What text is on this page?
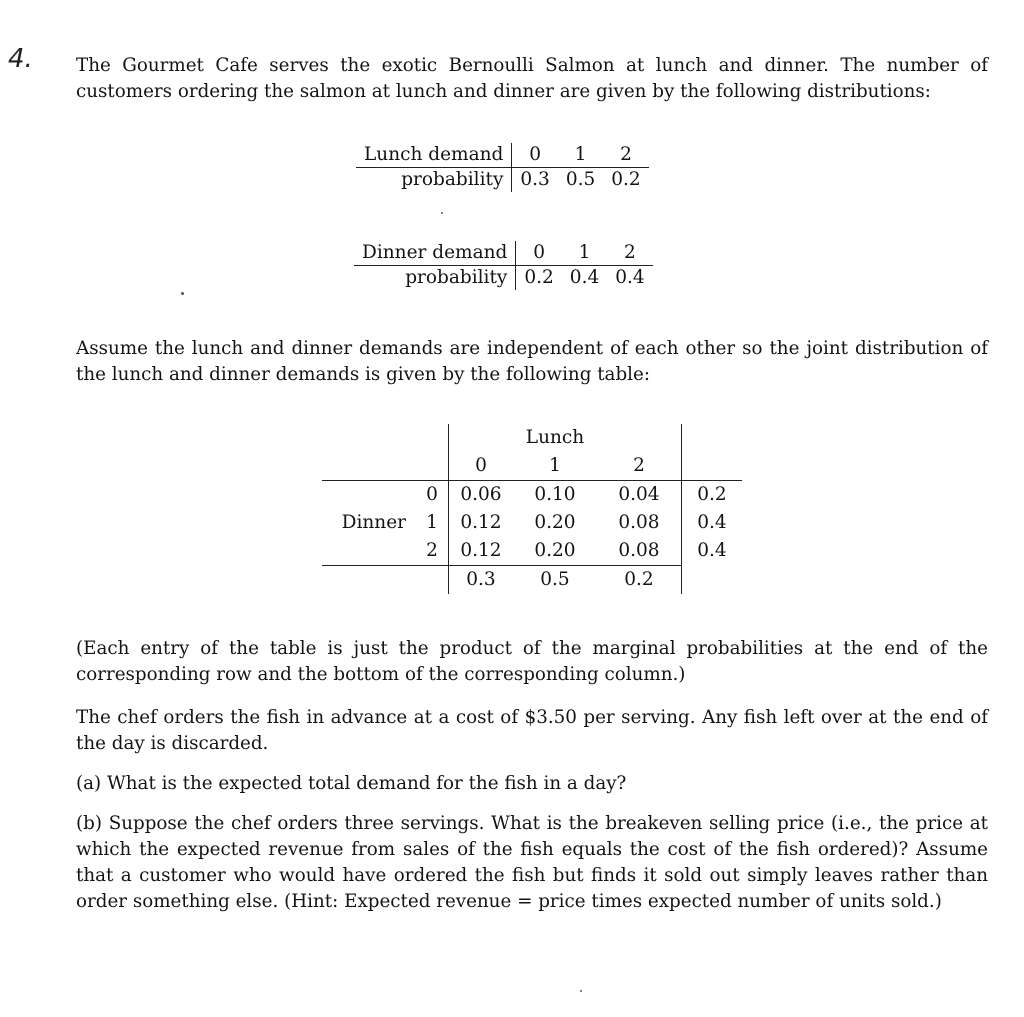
4. The Gourmet Cafe serves the exotic Bernoulli Salmon at lunch and dinner. The number of customers ordering the salmon at lunch and dinner are given by the following distributions:

Lunch demand	0	1	2
probability	0.3	0.5	0.2
Dinner demand	0	1	2
probability	0.2	0.4	0.4

Assume the lunch and dinner demands are independent of each other so the joint distribution of the lunch and dinner demands is given by the following table:

			Lunch		
		0	1	2	
	0	0.06	0.10	0.04	0.2
Dinner	1	0.12	0.20	0.08	0.4
	2	0.12	0.20	0.08	0.4
		0.3	0.5	0.2	

(Each entry of the table is just the product of the marginal probabilities at the end of the corresponding row and the bottom of the corresponding column.)

The chef orders the fish in advance at a cost of $3.50 per serving. Any fish left over at the end of the day is discarded.

(a) What is the expected total demand for the fish in a day?

(b) Suppose the chef orders three servings. What is the breakeven selling price (i.e., the price at which the expected revenue from sales of the fish equals the cost of the fish ordered)? Assume that a customer who would have ordered the fish but finds it sold out simply leaves rather than order something else. (Hint: Expected revenue = price times expected number of units sold.)
